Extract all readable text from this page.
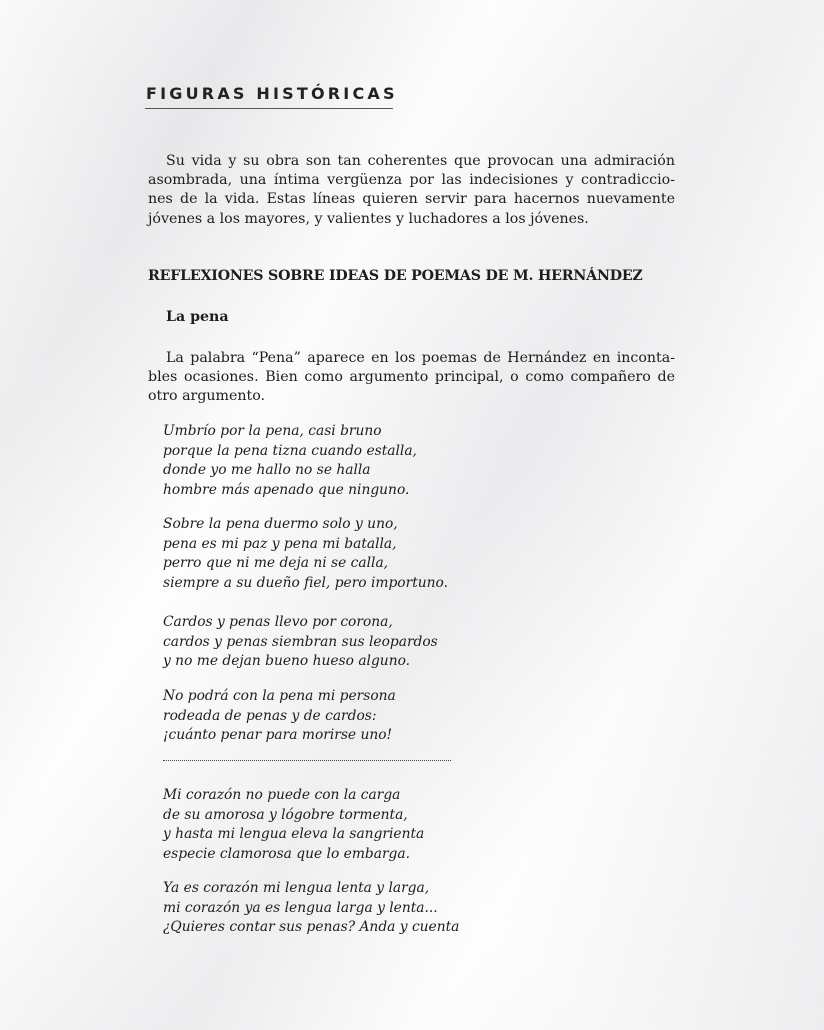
FIGURAS HISTÓRICAS
Su vida y su obra son tan coherentes que provocan una admiración
asombrada, una íntima vergüenza por las indecisiones y contradiccio-
nes de la vida. Estas líneas quieren servir para hacernos nuevamente
jóvenes a los mayores, y valientes y luchadores a los jóvenes.
REFLEXIONES SOBRE IDEAS DE POEMAS DE M. HERNÁNDEZ
La pena
La palabra “Pena” aparece en los poemas de Hernández en inconta-
bles ocasiones. Bien como argumento principal, o como compañero de
otro argumento.
Umbrío por la pena, casi bruno
porque la pena tizna cuando estalla,
donde yo me hallo no se halla
hombre más apenado que ninguno.
Sobre la pena duermo solo y uno,
pena es mi paz y pena mi batalla,
perro que ni me deja ni se calla,
siempre a su dueño fiel, pero importuno.
Cardos y penas llevo por corona,
cardos y penas siembran sus leopardos
y no me dejan bueno hueso alguno.
No podrá con la pena mi persona
rodeada de penas y de cardos:
¡cuánto penar para morirse uno!
Mi corazón no puede con la carga
de su amorosa y lógobre tormenta,
y hasta mi lengua eleva la sangrienta
especie clamorosa que lo embarga.
Ya es corazón mi lengua lenta y larga,
mi corazón ya es lengua larga y lenta...
¿Quieres contar sus penas? Anda y cuenta
